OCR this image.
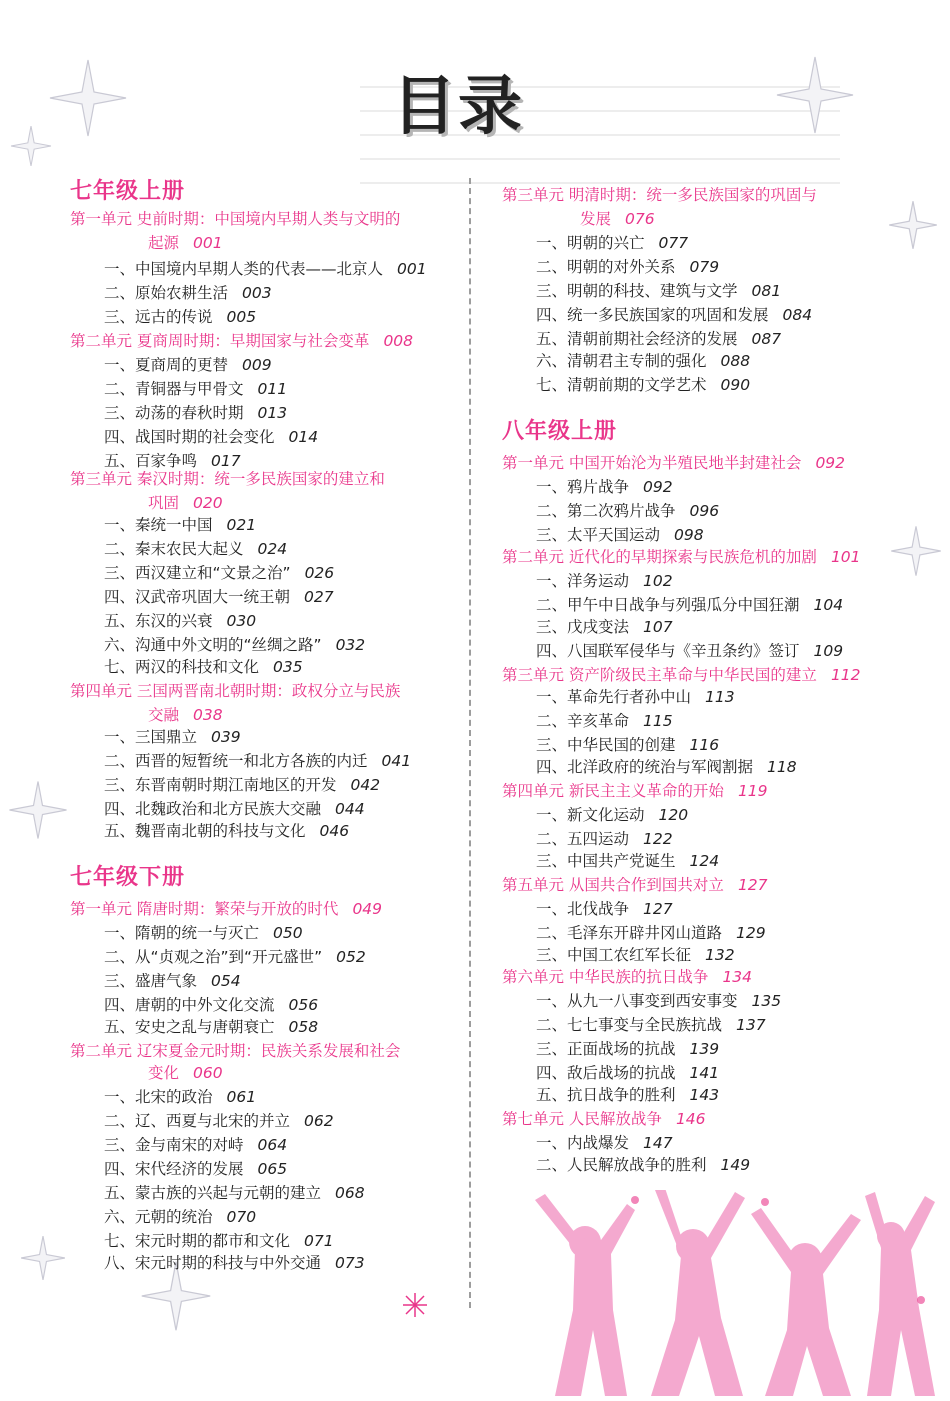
目录
七年级上册
七年级下册
八年级上册
第一单元 史前时期：中国境内早期人类与文明的
起源 001
一、中国境内早期人类的代表——北京人 001
二、原始农耕生活 003
三、远古的传说 005
第二单元 夏商周时期：早期国家与社会变革 008
一、夏商周的更替 009
二、青铜器与甲骨文 011
三、动荡的春秋时期 013
四、战国时期的社会变化 014
五、百家争鸣 017
第三单元 秦汉时期：统一多民族国家的建立和
巩固 020
一、秦统一中国 021
二、秦末农民大起义 024
三、西汉建立和“文景之治” 026
四、汉武帝巩固大一统王朝 027
五、东汉的兴衰 030
六、沟通中外文明的“丝绸之路” 032
七、两汉的科技和文化 035
第四单元 三国两晋南北朝时期：政权分立与民族
交融 038
一、三国鼎立 039
二、西晋的短暂统一和北方各族的内迁 041
三、东晋南朝时期江南地区的开发 042
四、北魏政治和北方民族大交融 044
五、魏晋南北朝的科技与文化 046
第一单元 隋唐时期：繁荣与开放的时代 049
一、隋朝的统一与灭亡 050
二、从“贞观之治”到“开元盛世” 052
三、盛唐气象 054
四、唐朝的中外文化交流 056
五、安史之乱与唐朝衰亡 058
第二单元 辽宋夏金元时期：民族关系发展和社会
变化 060
一、北宋的政治 061
二、辽、西夏与北宋的并立 062
三、金与南宋的对峙 064
四、宋代经济的发展 065
五、蒙古族的兴起与元朝的建立 068
六、元朝的统治 070
七、宋元时期的都市和文化 071
八、宋元时期的科技与中外交通 073
第三单元 明清时期：统一多民族国家的巩固与
发展 076
一、明朝的兴亡 077
二、明朝的对外关系 079
三、明朝的科技、建筑与文学 081
四、统一多民族国家的巩固和发展 084
五、清朝前期社会经济的发展 087
六、清朝君主专制的强化 088
七、清朝前期的文学艺术 090
第一单元 中国开始沦为半殖民地半封建社会 092
一、鸦片战争 092
二、第二次鸦片战争 096
三、太平天国运动 098
第二单元 近代化的早期探索与民族危机的加剧 101
一、洋务运动 102
二、甲午中日战争与列强瓜分中国狂潮 104
三、戊戌变法 107
四、八国联军侵华与《辛丑条约》签订 109
第三单元 资产阶级民主革命与中华民国的建立 112
一、革命先行者孙中山 113
二、辛亥革命 115
三、中华民国的创建 116
四、北洋政府的统治与军阀割据 118
第四单元 新民主主义革命的开始 119
一、新文化运动 120
二、五四运动 122
三、中国共产党诞生 124
第五单元 从国共合作到国共对立 127
一、北伐战争 127
二、毛泽东开辟井冈山道路 129
三、中国工农红军长征 132
第六单元 中华民族的抗日战争 134
一、从九一八事变到西安事变 135
二、七七事变与全民族抗战 137
三、正面战场的抗战 139
四、敌后战场的抗战 141
五、抗日战争的胜利 143
第七单元 人民解放战争 146
一、内战爆发 147
二、人民解放战争的胜利 149
